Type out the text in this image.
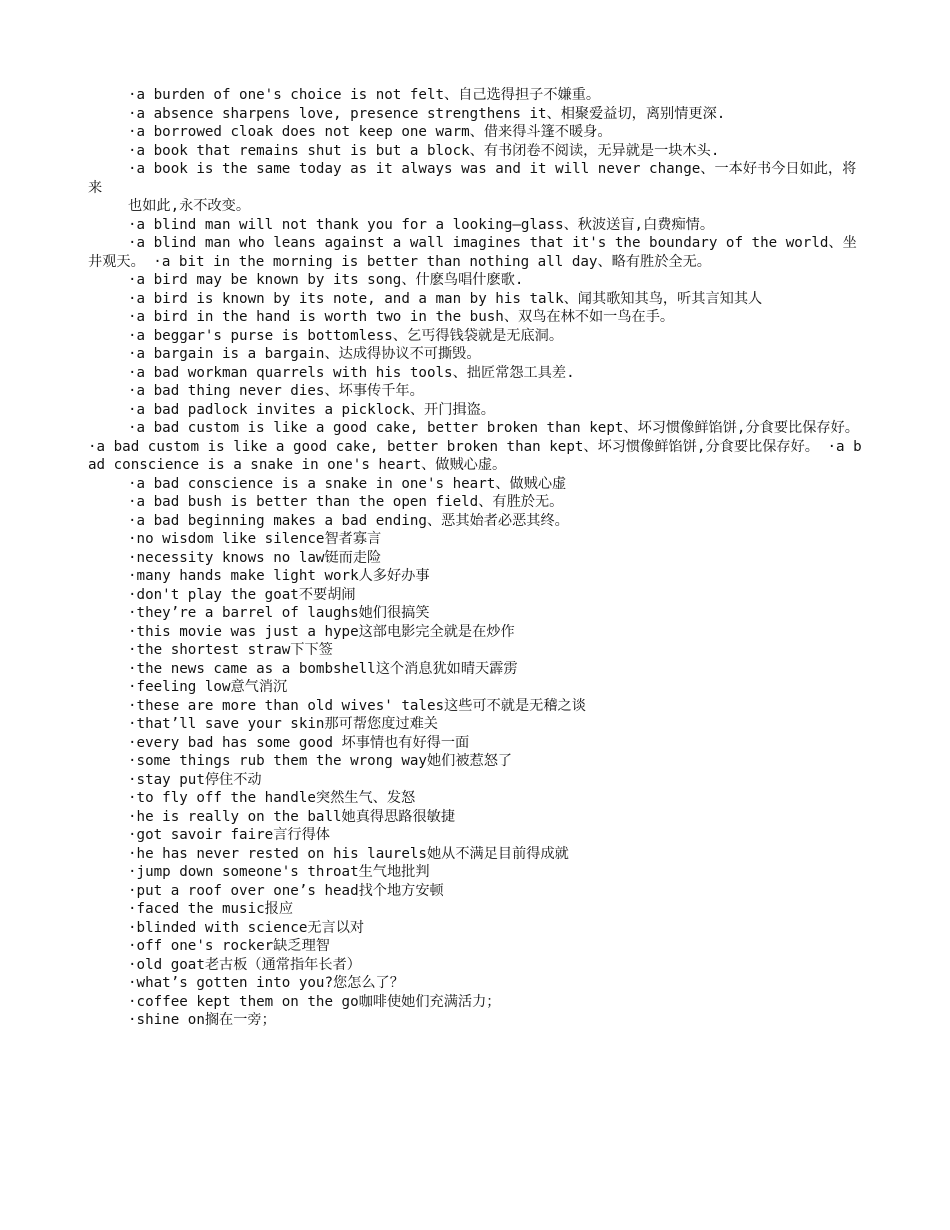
·a burden of one's choice is not felt、自己选得担子不嫌重。

·a absence sharpens love, presence strengthens it、相聚爱益切，离别情更深.

·a borrowed cloak does not keep one warm、借来得斗篷不暖身。

·a book that remains shut is but a block、有书闭卷不阅读，无异就是一块木头.

·a book is the same today as it always was and it will never change、一本好书今日如此，将来

也如此,永不改变。

·a blind man will not thank you for a looking—glass、秋波送盲,白费痴情。

·a blind man who leans against a wall imagines that it's the boundary of the world、坐井观天。 ·a bit in the morning is better than nothing all day、略有胜於全无。

·a bird may be known by its song、什麽鸟唱什麽歌.

·a bird is known by its note, and a man by his talk、闻其歌知其鸟，听其言知其人

·a bird in the hand is worth two in the bush、双鸟在林不如一鸟在手。

·a beggar's purse is bottomless、乞丐得钱袋就是无底洞。

·a bargain is a bargain、达成得协议不可撕毁。

·a bad workman quarrels with his tools、拙匠常怨工具差.

·a bad thing never dies、坏事传千年。

·a bad padlock invites a picklock、开门揖盗。

·a bad custom is like a good cake, better broken than kept、坏习惯像鲜馅饼,分食要比保存好。 ·a bad custom is like a good cake, better broken than kept、坏习惯像鲜馅饼,分食要比保存好。 ·a bad conscience is a snake in one's heart、做贼心虚。

·a bad conscience is a snake in one's heart、做贼心虚

·a bad bush is better than the open field、有胜於无。

·a bad beginning makes a bad ending、恶其始者必恶其终。

·no wisdom like silence智者寡言

·necessity knows no law铤而走险

·many hands make light work人多好办事

·don't play the goat不要胡闹

·they’re a barrel of laughs她们很搞笑

·this movie was just a hype这部电影完全就是在炒作

·the shortest straw下下签

·the news came as a bombshell这个消息犹如晴天霹雳

·feeling low意气消沉

·these are more than old wives' tales这些可不就是无稽之谈

·that’ll save your skin那可帮您度过难关

·every bad has some good 坏事情也有好得一面

·some things rub them the wrong way她们被惹怒了

·stay put停住不动

·to fly off the handle突然生气、发怒

·he is really on the ball她真得思路很敏捷

·got savoir faire言行得体

·he has never rested on his laurels她从不满足目前得成就

·jump down someone's throat生气地批判

·put a roof over one’s head找个地方安顿

·faced the music报应

·blinded with science无言以对

·off one's rocker缺乏理智

·old goat老古板（通常指年长者）

·what’s gotten into you?您怎么了？

·coffee kept them on the go咖啡使她们充满活力；

·shine on搁在一旁；
